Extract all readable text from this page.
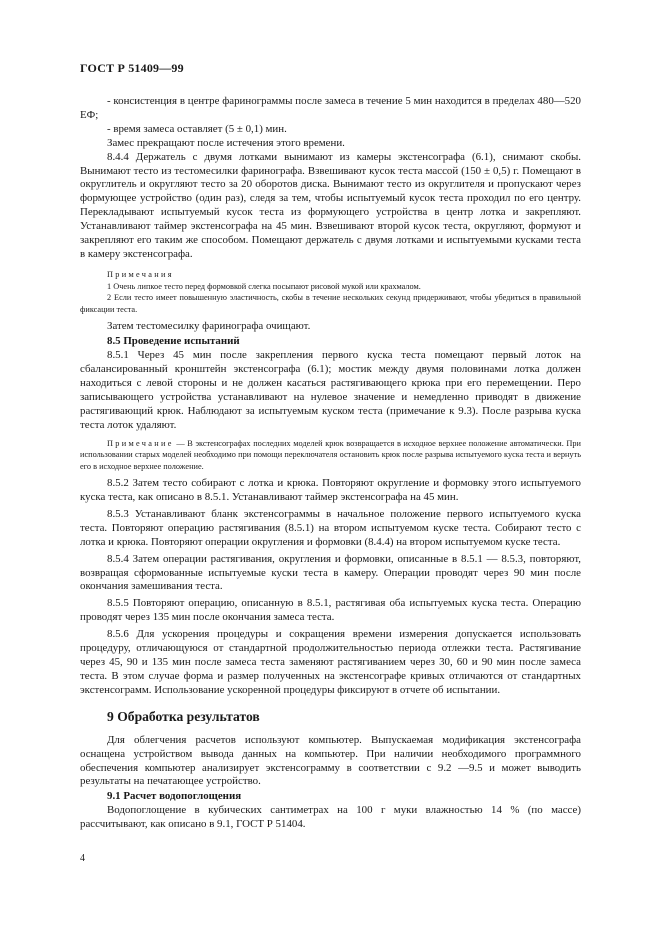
ГОСТ Р 51409—99

- консистенция в центре фаринограммы после замеса в течение 5 мин находится в пределах 480—520 ЕФ;

- время замеса оставляет (5 ± 0,1) мин.

Замес прекращают после истечения этого времени.

8.4.4 Держатель с двумя лотками вынимают из камеры экстенсографа (6.1), снимают скобы. Вынимают тесто из тестомесилки фаринографа. Взвешивают кусок теста массой (150 ± 0,5) г. Помещают в округлитель и округляют тесто за 20 оборотов диска. Вынимают тесто из округлителя и пропускают через формующее устройство (один раз), следя за тем, чтобы испытуемый кусок теста проходил по его центру. Перекладывают испытуемый кусок теста из формующего устройства в центр лотка и закрепляют. Устанавливают таймер экстенсографа на 45 мин. Взвешивают второй кусок теста, округляют, формуют и закрепляют его таким же способом. Помещают держатель с двумя лотками и испытуемыми кусками теста в камеру экстенсографа.

Примечания

1 Очень липкое тесто перед формовкой слегка посыпают рисовой мукой или крахмалом.

2 Если тесто имеет повышенную эластичность, скобы в течение нескольких секунд придерживают, чтобы убедиться в правильной фиксации теста.

Затем тестомесилку фаринографа очищают.

8.5 Проведение испытаний

8.5.1 Через 45 мин после закрепления первого куска теста помещают первый лоток на сбалансированный кронштейн экстенсографа (6.1); мостик между двумя половинами лотка должен находиться с левой стороны и не должен касаться растягивающего крюка при его перемещении. Перо записывающего устройства устанавливают на нулевое значение и немедленно приводят в движение растягивающий крюк. Наблюдают за испытуемым куском теста (примечание к 9.3). После разрыва куска теста лоток удаляют.

Примечание — В экстенсографах последних моделей крюк возвращается в исходное верхнее положение автоматически. При использовании старых моделей необходимо при помощи переключателя остановить крюк после разрыва испытуемого куска теста и вернуть его в исходное верхнее положение.

8.5.2 Затем тесто собирают с лотка и крюка. Повторяют округление и формовку этого испытуемого куска теста, как описано в 8.5.1. Устанавливают таймер экстенсографа на 45 мин.

8.5.3 Устанавливают бланк экстенсограммы в начальное положение первого испытуемого куска теста. Повторяют операцию растягивания (8.5.1) на втором испытуемом куске теста. Собирают тесто с лотка и крюка. Повторяют операции округления и формовки (8.4.4) на втором испытуемом куске теста.

8.5.4 Затем операции растягивания, округления и формовки, описанные в 8.5.1 — 8.5.3, повторяют, возвращая сформованные испытуемые куски теста в камеру. Операции проводят через 90 мин после окончания замешивания теста.

8.5.5 Повторяют операцию, описанную в 8.5.1, растягивая оба испытуемых куска теста. Операцию проводят через 135 мин после окончания замеса теста.

8.5.6 Для ускорения процедуры и сокращения времени измерения допускается использовать процедуру, отличающуюся от стандартной продолжительностью периода отлежки теста. Растягивание через 45, 90 и 135 мин после замеса теста заменяют растягиванием через 30, 60 и 90 мин после замеса теста. В этом случае форма и размер полученных на экстенсографе кривых отличаются от стандартных экстенсограмм. Использование ускоренной процедуры фиксируют в отчете об испытании.

9 Обработка результатов

Для облегчения расчетов используют компьютер. Выпускаемая модификация экстенсографа оснащена устройством вывода данных на компьютер. При наличии необходимого программного обеспечения компьютер анализирует экстенсограмму в соответствии с 9.2 —9.5 и может выводить результаты на печатающее устройство.

9.1 Расчет водопоглощения

Водопоглощение в кубических сантиметрах на 100 г муки влажностью 14 % (по массе) рассчитывают, как описано в 9.1, ГОСТ Р 51404.

4
